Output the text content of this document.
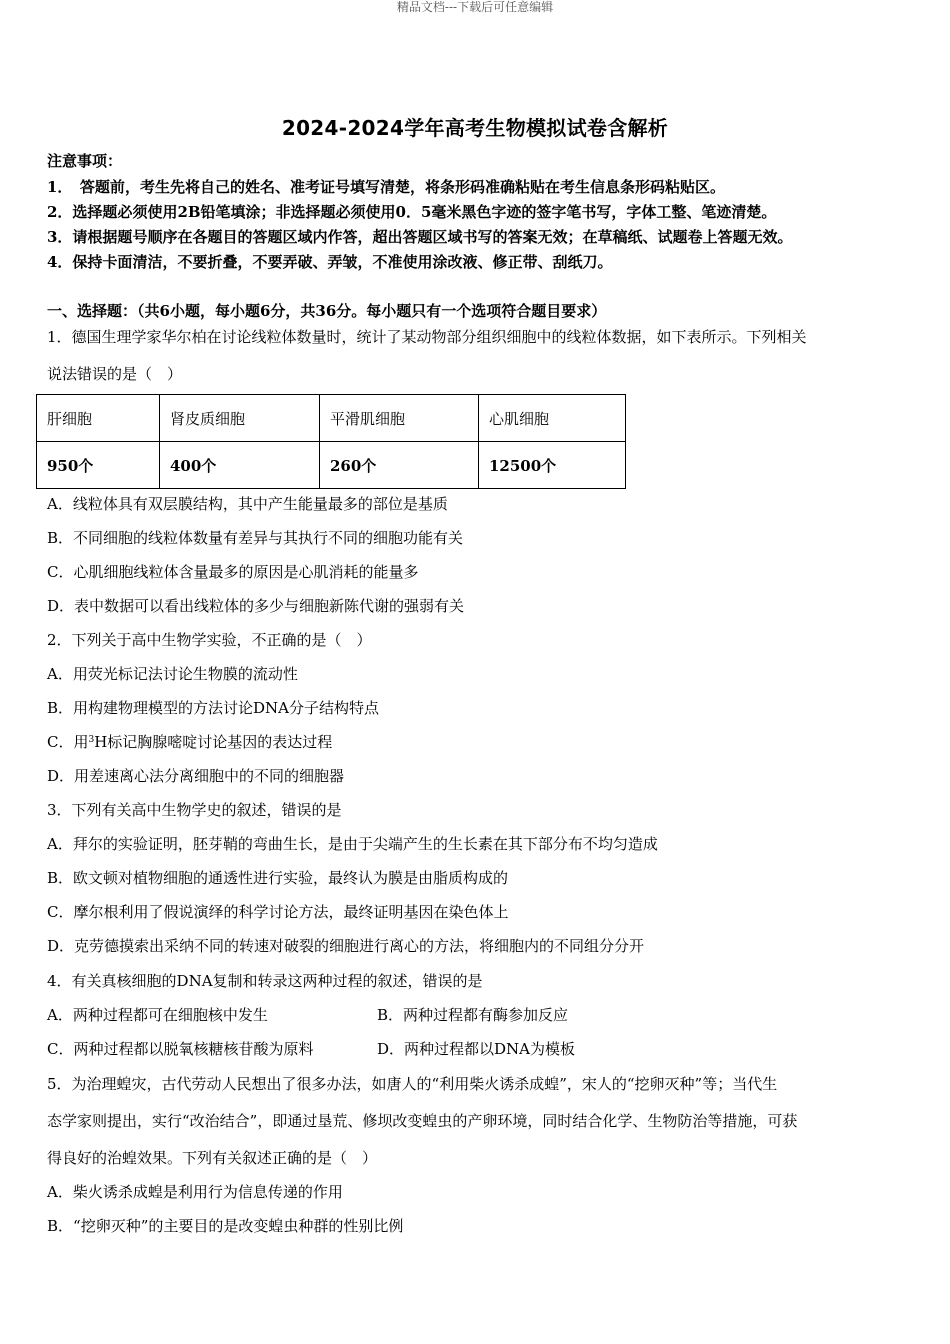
精品文档---下载后可任意编辑
2024-2024学年高考生物模拟试卷含解析
注意事项：
1．　答题前，考生先将自己的姓名、准考证号填写清楚，将条形码准确粘贴在考生信息条形码粘贴区。
2．选择题必须使用2B铅笔填涂；非选择题必须使用0．5毫米黑色字迹的签字笔书写，字体工整、笔迹清楚。
3．请根据题号顺序在各题目的答题区域内作答，超出答题区域书写的答案无效；在草稿纸、试题卷上答题无效。
4．保持卡面清洁，不要折叠，不要弄破、弄皱，不准使用涂改液、修正带、刮纸刀。
一、选择题：（共6小题，每小题6分，共36分。每小题只有一个选项符合题目要求）
1．德国生理学家华尔柏在讨论线粒体数量时，统计了某动物部分组织细胞中的线粒体数据，如下表所示。下列相关
说法错误的是（　）
肝细胞	肾皮质细胞	平滑肌细胞	心肌细胞
950个	400个	260个	12500个
A．线粒体具有双层膜结构，其中产生能量最多的部位是基质
B．不同细胞的线粒体数量有差异与其执行不同的细胞功能有关
C．心肌细胞线粒体含量最多的原因是心肌消耗的能量多
D．表中数据可以看出线粒体的多少与细胞新陈代谢的强弱有关
2．下列关于高中生物学实验，不正确的是（　）
A．用荧光标记法讨论生物膜的流动性
B．用构建物理模型的方法讨论DNA分子结构特点
C．用$^3$H标记胸腺嘧啶讨论基因的表达过程
D．用差速离心法分离细胞中的不同的细胞器
3．下列有关高中生物学史的叙述，错误的是
A．拜尔的实验证明，胚芽鞘的弯曲生长，是由于尖端产生的生长素在其下部分布不均匀造成
B．欧文顿对植物细胞的通透性进行实验，最终认为膜是由脂质构成的
C．摩尔根利用了假说演绎的科学讨论方法，最终证明基因在染色体上
D．克劳德摸索出采纳不同的转速对破裂的细胞进行离心的方法，将细胞内的不同组分分开
4．有关真核细胞的DNA复制和转录这两种过程的叙述，错误的是
A．两种过程都可在细胞核中发生	B．两种过程都有酶参加反应
C．两种过程都以脱氧核糖核苷酸为原料	D．两种过程都以DNA为模板
5．为治理蝗灾，古代劳动人民想出了很多办法，如唐人的“利用柴火诱杀成蝗”，宋人的“挖卵灭种”等；当代生
态学家则提出，实行“改治结合”，即通过垦荒、修坝改变蝗虫的产卵环境，同时结合化学、生物防治等措施，可获
得良好的治蝗效果。下列有关叙述正确的是（　）
A．柴火诱杀成蝗是利用行为信息传递的作用
B．“挖卵灭种”的主要目的是改变蝗虫种群的性别比例
